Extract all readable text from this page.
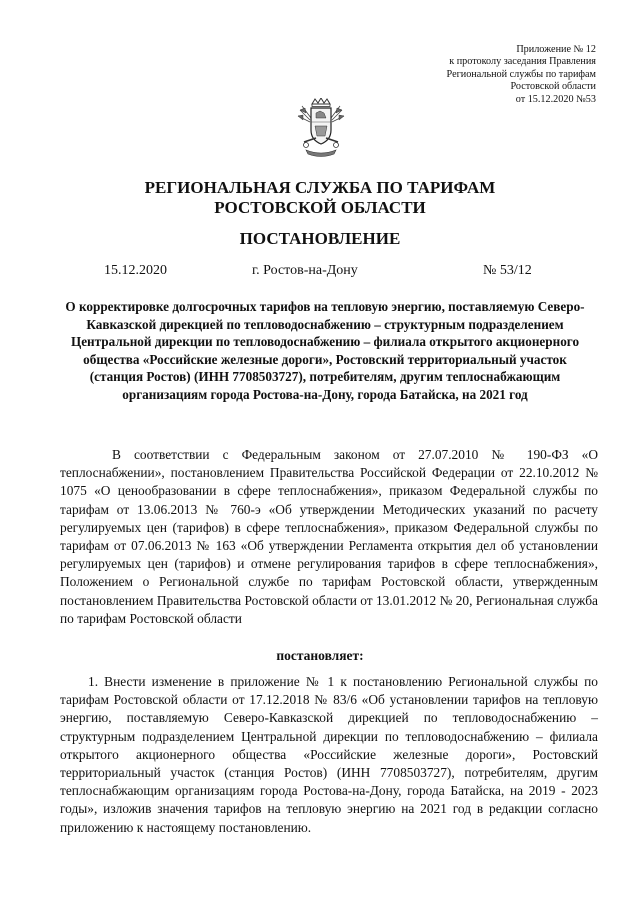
Приложение № 12
к протоколу заседания Правления
Региональной службы по тарифам
Ростовской области
от 15.12.2020 №53
РЕГИОНАЛЬНАЯ СЛУЖБА ПО ТАРИФАМ
РОСТОВСКОЙ ОБЛАСТИ
ПОСТАНОВЛЕНИЕ
15.12.2020	г. Ростов-на-Дону	№ 53/12
О корректировке долгосрочных тарифов на тепловую энергию, поставляемую Северо-Кавказской дирекцией по тепловодоснабжению – структурным подразделением Центральной дирекции по тепловодоснабжению – филиала открытого акционерного общества «Российские железные дороги», Ростовский территориальный участок (станция Ростов) (ИНН 7708503727), потребителям, другим теплоснабжающим организациям города Ростова-на-Дону, города Батайска, на 2021 год
В соответствии с Федеральным законом от 27.07.2010 № 190-ФЗ «О теплоснабжении», постановлением Правительства Российской Федерации от 22.10.2012 № 1075 «О ценообразовании в сфере теплоснабжения», приказом Федеральной службы по тарифам от 13.06.2013 № 760-э «Об утверждении Методических указаний по расчету регулируемых цен (тарифов) в сфере теплоснабжения», приказом Федеральной службы по тарифам от 07.06.2013 № 163 «Об утверждении Регламента открытия дел об установлении регулируемых цен (тарифов) и отмене регулирования тарифов в сфере теплоснабжения», Положением о Региональной службе по тарифам Ростовской области, утвержденным постановлением Правительства Ростовской области от 13.01.2012 № 20, Региональная служба по тарифам Ростовской области
постановляет:
1. Внести изменение в приложение № 1 к постановлению Региональной службы по тарифам Ростовской области от 17.12.2018 № 83/6 «Об установлении тарифов на тепловую энергию, поставляемую Северо-Кавказской дирекцией по тепловодоснабжению – структурным подразделением Центральной дирекции по тепловодоснабжению – филиала открытого акционерного общества «Российские железные дороги», Ростовский территориальный участок (станция Ростов) (ИНН 7708503727), потребителям, другим теплоснабжающим организациям города Ростова-на-Дону, города Батайска, на 2019 - 2023 годы», изложив значения тарифов на тепловую энергию на 2021 год в редакции согласно приложению к настоящему постановлению.
